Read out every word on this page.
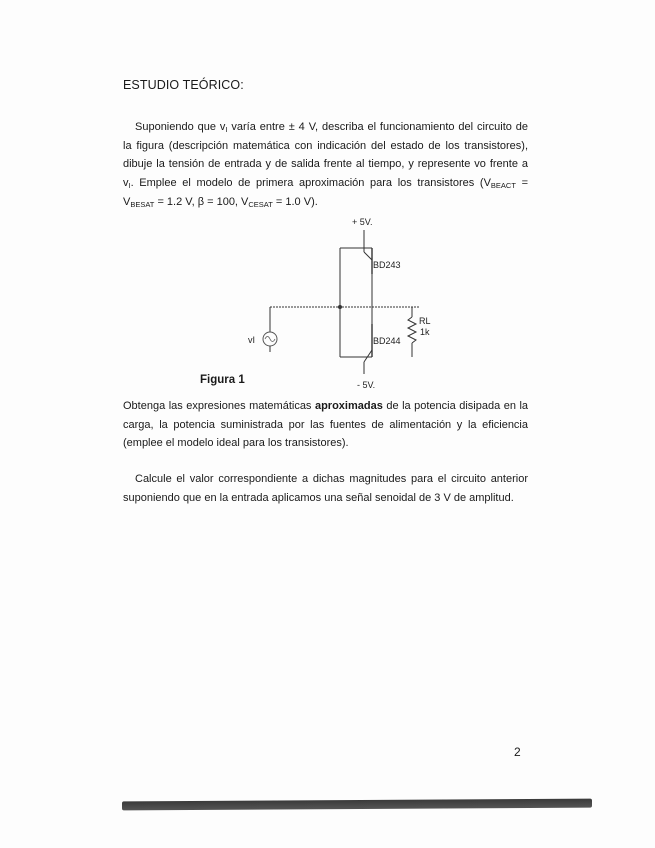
ESTUDIO TEÓRICO:
Suponiendo que $v_I$ varía entre ± 4 V, describa el funcionamiento del circuito de la figura (descripción matemática con indicación del estado de los transistores), dibuje la tensión de entrada y de salida frente al tiempo, y represente vo frente a $v_I$. Emplee el modelo de primera aproximación para los transistores ($V_{BEACT} = V_{BESAT} = 1.2$ V, β = 100, $V_{CESAT} = 1.0$ V).
+ 5V.
BD243
BD244
RL
1k
vI
- 5V.
Figura 1
Obtenga las expresiones matemáticas aproximadas de la potencia disipada en la carga, la potencia suministrada por las fuentes de alimentación y la eficiencia (emplee el modelo ideal para los transistores).
Calcule el valor correspondiente a dichas magnitudes para el circuito anterior suponiendo que en la entrada aplicamos una señal senoidal de 3 V de amplitud.
2
